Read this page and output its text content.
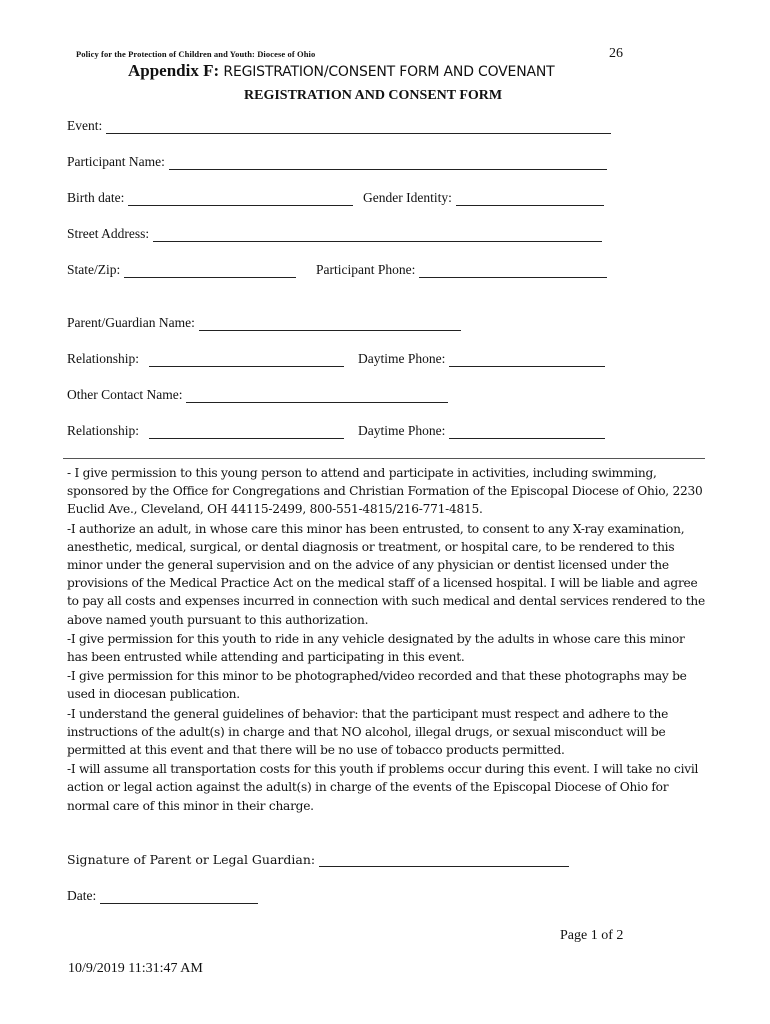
Policy for the Protection of Children and Youth: Diocese of Ohio	26
Appendix F: REGISTRATION/CONSENT FORM AND COVENANT
REGISTRATION AND CONSENT FORM
Event:
Participant Name:
Birth date:	Gender Identity:
Street Address:
State/Zip:	Participant Phone:
Parent/Guardian Name:
Relationship:	Daytime Phone:
Other Contact Name:
Relationship:	Daytime Phone:

- I give permission to this young person to attend and participate in activities, including swimming, sponsored by the Office for Congregations and Christian Formation of the Episcopal Diocese of Ohio, 2230 Euclid Ave., Cleveland, OH 44115-2499, 800-551-4815/216-771-4815.

-I authorize an adult, in whose care this minor has been entrusted, to consent to any X-ray examination, anesthetic, medical, surgical, or dental diagnosis or treatment, or hospital care, to be rendered to this minor under the general supervision and on the advice of any physician or dentist licensed under the provisions of the Medical Practice Act on the medical staff of a licensed hospital. I will be liable and agree to pay all costs and expenses incurred in connection with such medical and dental services rendered to the above named youth pursuant to this authorization.

-I give permission for this youth to ride in any vehicle designated by the adults in whose care this minor has been entrusted while attending and participating in this event.

-I give permission for this minor to be photographed/video recorded and that these photographs may be used in diocesan publication.

-I understand the general guidelines of behavior: that the participant must respect and adhere to the instructions of the adult(s) in charge and that NO alcohol, illegal drugs, or sexual misconduct will be permitted at this event and that there will be no use of tobacco products permitted.

-I will assume all transportation costs for this youth if problems occur during this event. I will take no civil action or legal action against the adult(s) in charge of the events of the Episcopal Diocese of Ohio for normal care of this minor in their charge.

Signature of Parent or Legal Guardian:
Date:
Page 1 of 2
10/9/2019 11:31:47 AM
